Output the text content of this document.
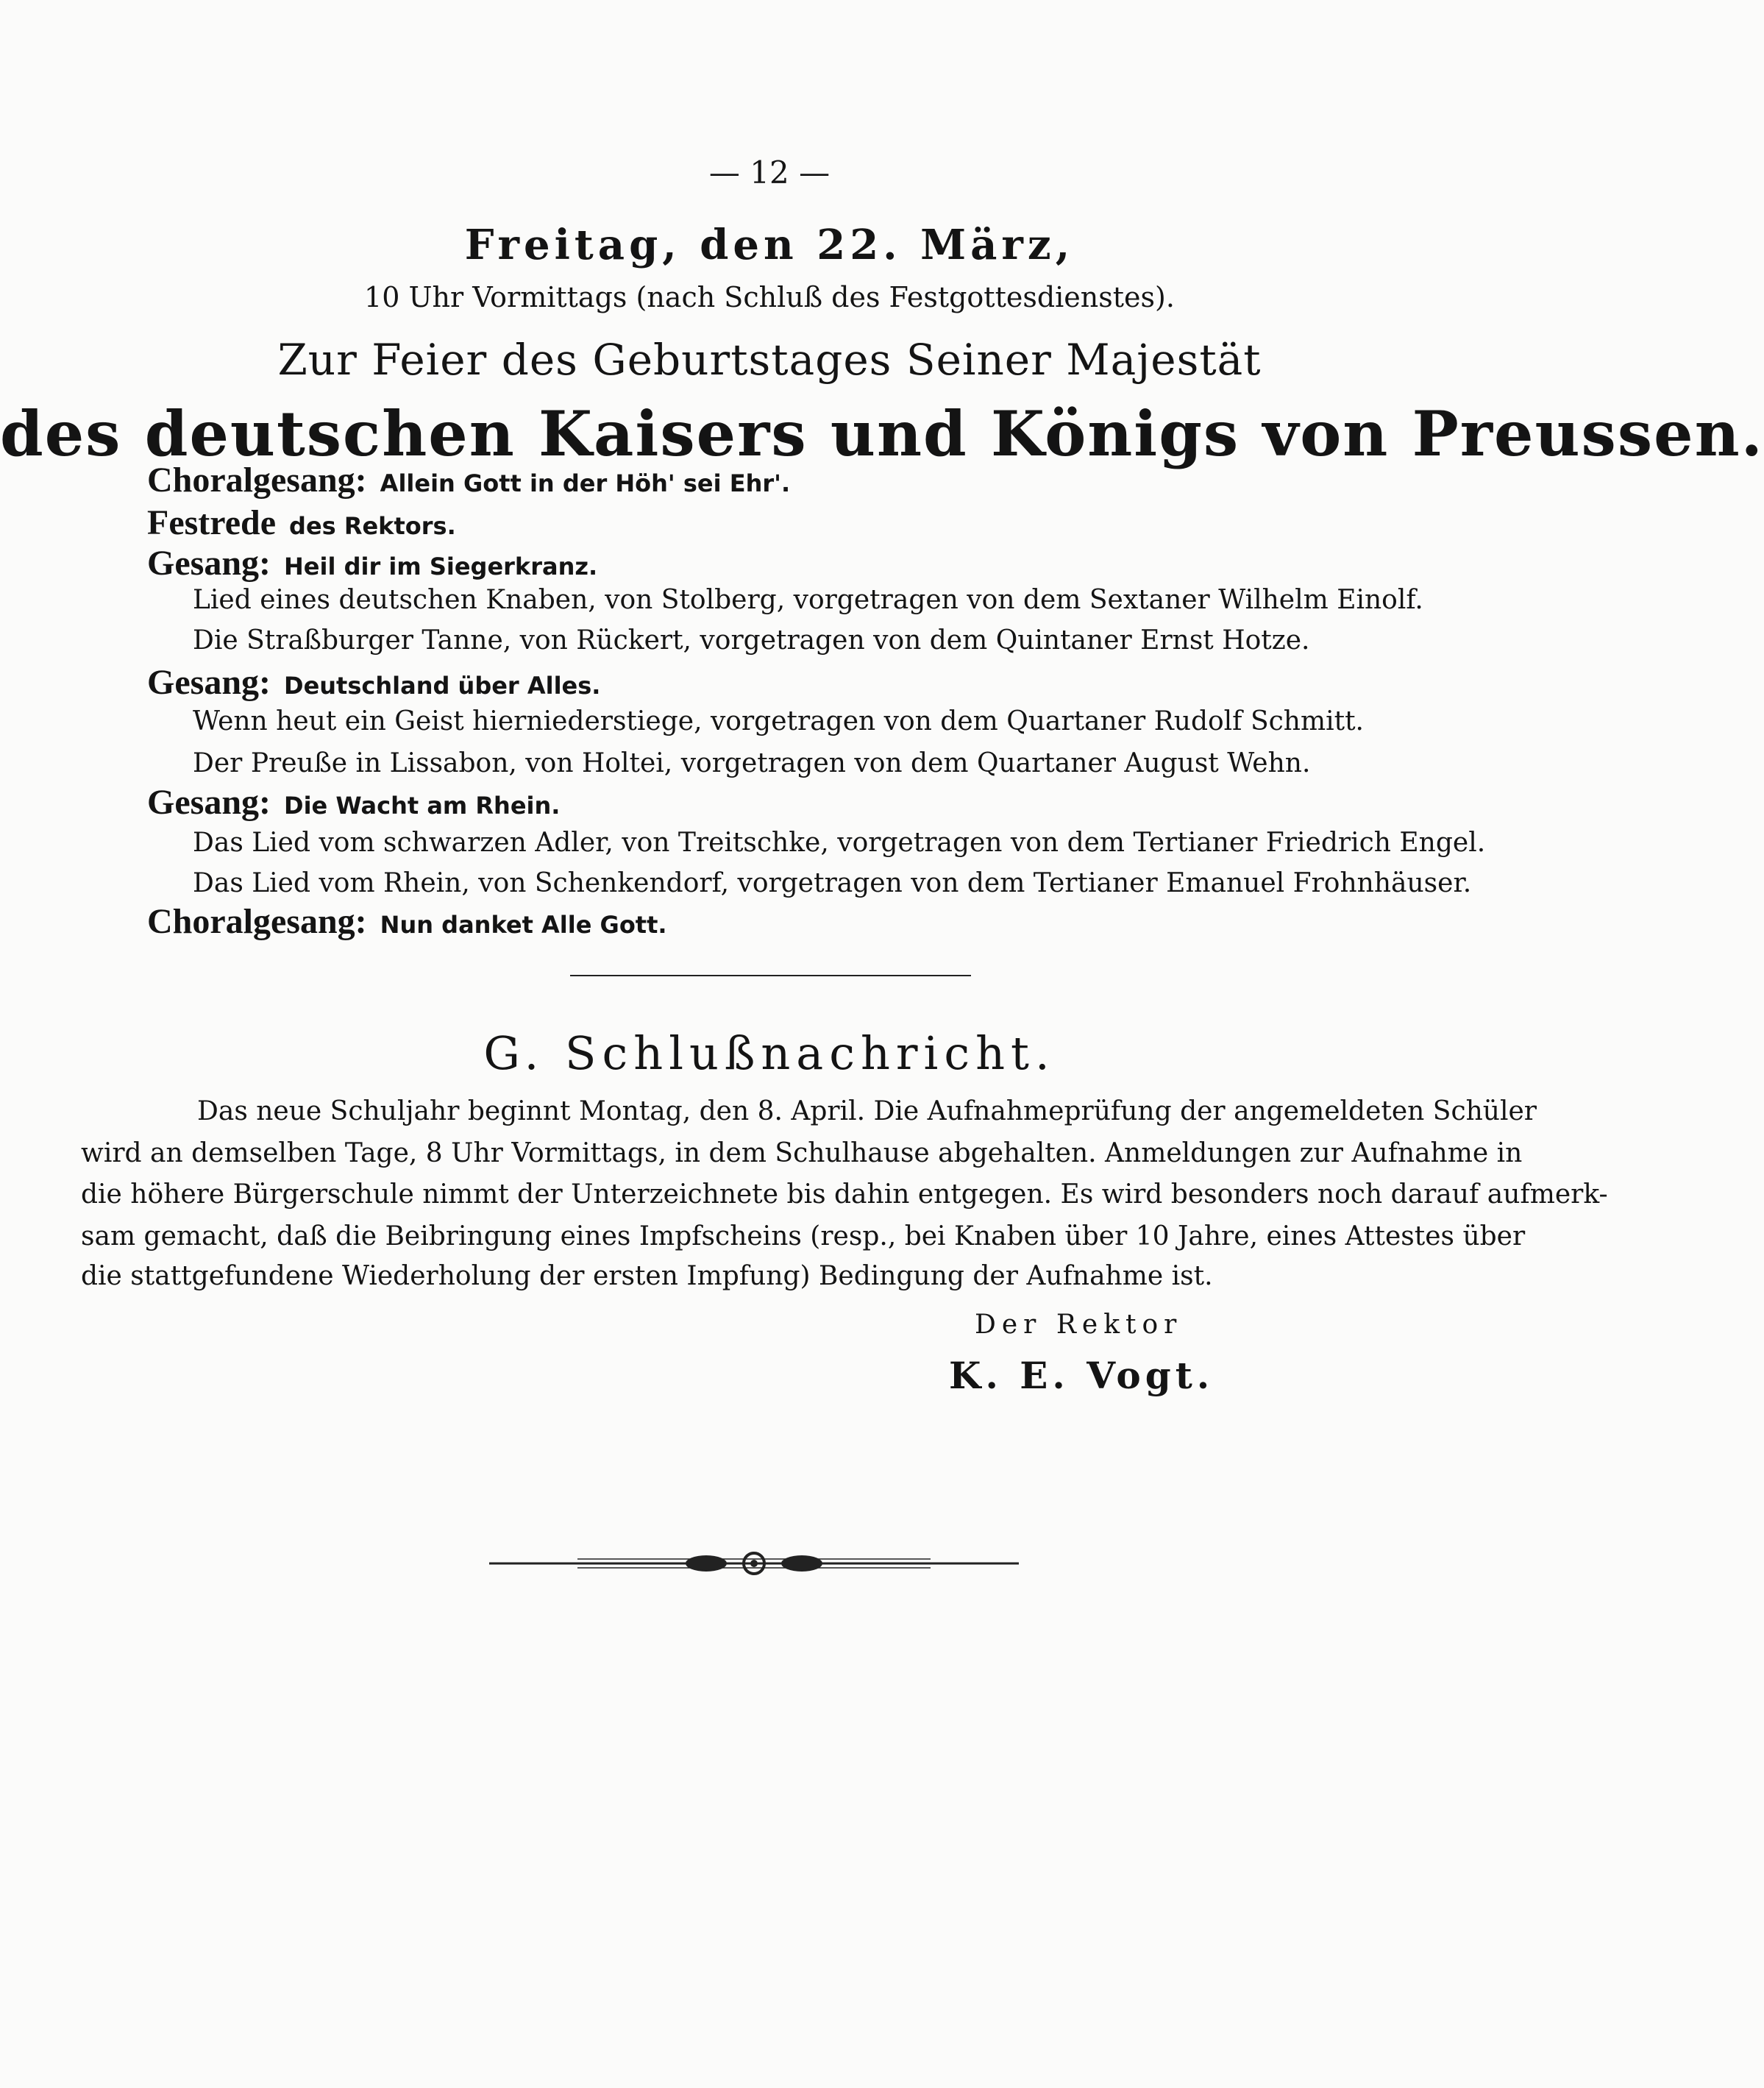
— 12 —
Freitag, den 22. März,
10 Uhr Vormittags (nach Schluß des Festgottesdienstes).
Zur Feier des Geburtstages Seiner Majestät
des deutschen Kaisers und Königs von Preussen.
Choralgesang: Allein Gott in der Höh' sei Ehr'.
Festrede des Rektors.
Gesang: Heil dir im Siegerkranz.
Lied eines deutschen Knaben, von Stolberg, vorgetragen von dem Sextaner Wilhelm Einolf.
Die Straßburger Tanne, von Rückert, vorgetragen von dem Quintaner Ernst Hotze.
Gesang: Deutschland über Alles.
Wenn heut ein Geist hierniederstiege, vorgetragen von dem Quartaner Rudolf Schmitt.
Der Preuße in Lissabon, von Holtei, vorgetragen von dem Quartaner August Wehn.
Gesang: Die Wacht am Rhein.
Das Lied vom schwarzen Adler, von Treitschke, vorgetragen von dem Tertianer Friedrich Engel.
Das Lied vom Rhein, von Schenkendorf, vorgetragen von dem Tertianer Emanuel Frohnhäuser.
Choralgesang: Nun danket Alle Gott.
G. Schlußnachricht.
Das neue Schuljahr beginnt Montag, den 8. April. Die Aufnahmeprüfung der angemeldeten Schüler
wird an demselben Tage, 8 Uhr Vormittags, in dem Schulhause abgehalten. Anmeldungen zur Aufnahme in
die höhere Bürgerschule nimmt der Unterzeichnete bis dahin entgegen. Es wird besonders noch darauf aufmerk-
sam gemacht, daß die Beibringung eines Impfscheins (resp., bei Knaben über 10 Jahre, eines Attestes über
die stattgefundene Wiederholung der ersten Impfung) Bedingung der Aufnahme ist.
Der Rektor
K. E. Vogt.
